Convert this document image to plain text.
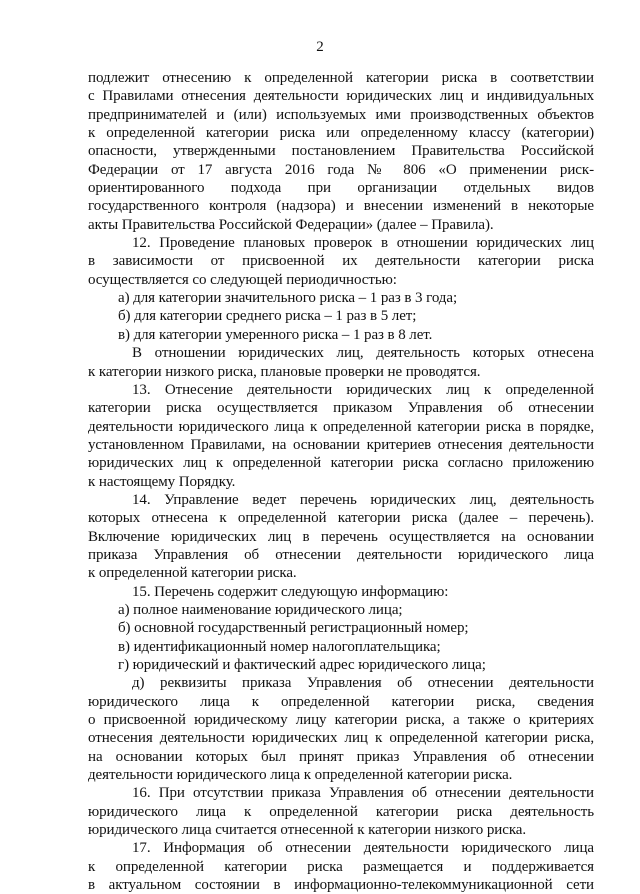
2
подлежит отнесению к определенной категории риска в соответствии
с Правилами отнесения деятельности юридических лиц и индивидуальных
предпринимателей и (или) используемых ими производственных объектов
к определенной категории риска или определенному классу (категории)
опасности, утвержденными постановлением Правительства Российской
Федерации от 17 августа 2016 года № 806 «О применении риск-
ориентированного подхода при организации отдельных видов
государственного контроля (надзора) и внесении изменений в некоторые
акты Правительства Российской Федерации» (далее – Правила).
12. Проведение плановых проверок в отношении юридических лиц
в зависимости от присвоенной их деятельности категории риска
осуществляется со следующей периодичностью:
а) для категории значительного риска – 1 раз в 3 года;
б) для категории среднего риска – 1 раз в 5 лет;
в) для категории умеренного риска – 1 раз в 8 лет.
В отношении юридических лиц, деятельность которых отнесена
к категории низкого риска, плановые проверки не проводятся.
13. Отнесение деятельности юридических лиц к определенной
категории риска осуществляется приказом Управления об отнесении
деятельности юридического лица к определенной категории риска в порядке,
установленном Правилами, на основании критериев отнесения деятельности
юридических лиц к определенной категории риска согласно приложению
к настоящему Порядку.
14. Управление ведет перечень юридических лиц, деятельность
которых отнесена к определенной категории риска (далее – перечень).
Включение юридических лиц в перечень осуществляется на основании
приказа Управления об отнесении деятельности юридического лица
к определенной категории риска.
15. Перечень содержит следующую информацию:
а) полное наименование юридического лица;
б) основной государственный регистрационный номер;
в) идентификационный номер налогоплательщика;
г) юридический и фактический адрес юридического лица;
д) реквизиты приказа Управления об отнесении деятельности
юридического лица к определенной категории риска, сведения
о присвоенной юридическому лицу категории риска, а также о критериях
отнесения деятельности юридических лиц к определенной категории риска,
на основании которых был принят приказ Управления об отнесении
деятельности юридического лица к определенной категории риска.
16. При отсутствии приказа Управления об отнесении деятельности
юридического лица к определенной категории риска деятельность
юридического лица считается отнесенной к категории низкого риска.
17. Информация об отнесении деятельности юридического лица
к определенной категории риска размещается и поддерживается
в актуальном состоянии в информационно-телекоммуникационной сети
